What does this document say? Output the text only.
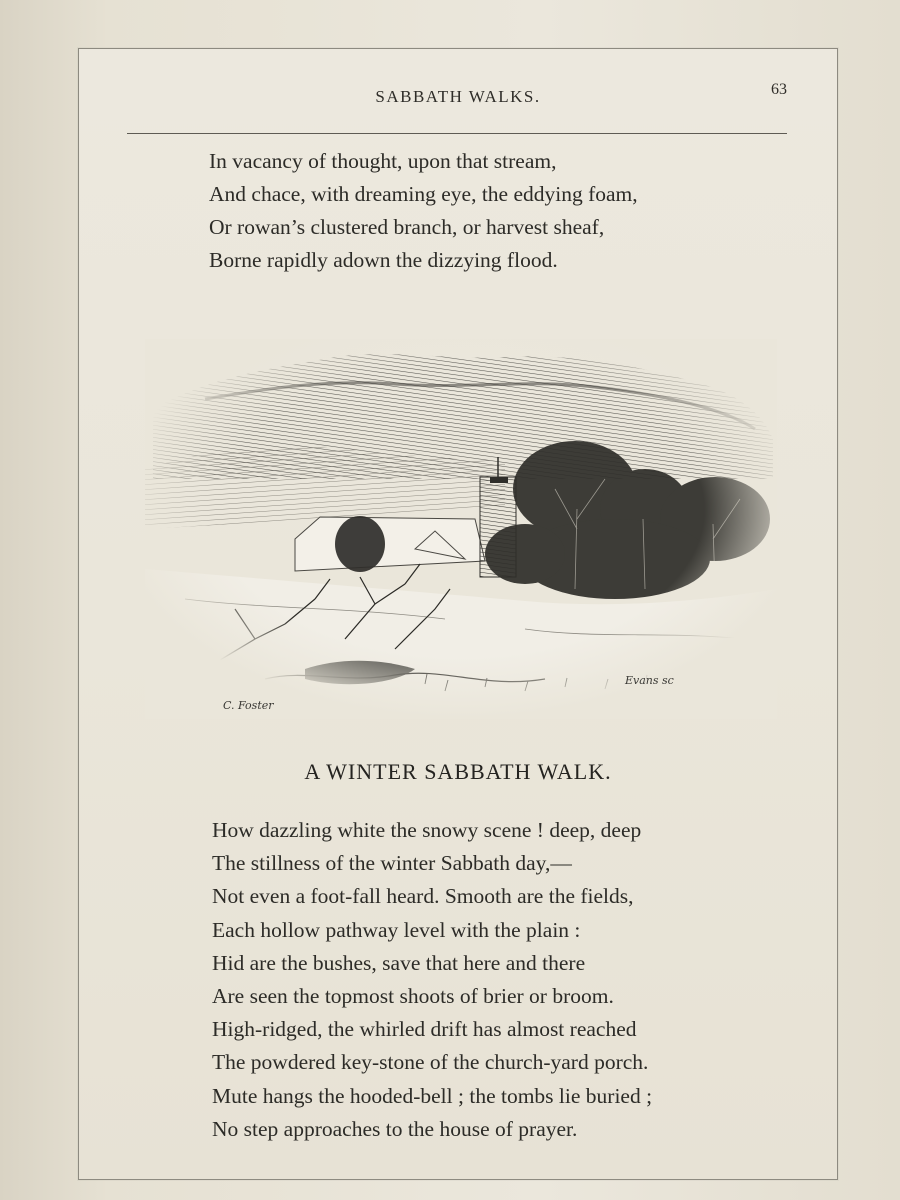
SABBATH WALKS.	63
In vacancy of thought, upon that stream,
And chace, with dreaming eye, the eddying foam,
Or rowan’s clustered branch, or harvest sheaf,
Borne rapidly adown the dizzying flood.
C. Foster
Evans sc
A WINTER SABBATH WALK.
How dazzling white the snowy scene ! deep, deep
The stillness of the winter Sabbath day,—
Not even a foot-fall heard. Smooth are the fields,
Each hollow pathway level with the plain :
Hid are the bushes, save that here and there
Are seen the topmost shoots of brier or broom.
High-ridged, the whirled drift has almost reached
The powdered key-stone of the church-yard porch.
Mute hangs the hooded-bell ; the tombs lie buried ;
No step approaches to the house of prayer.
